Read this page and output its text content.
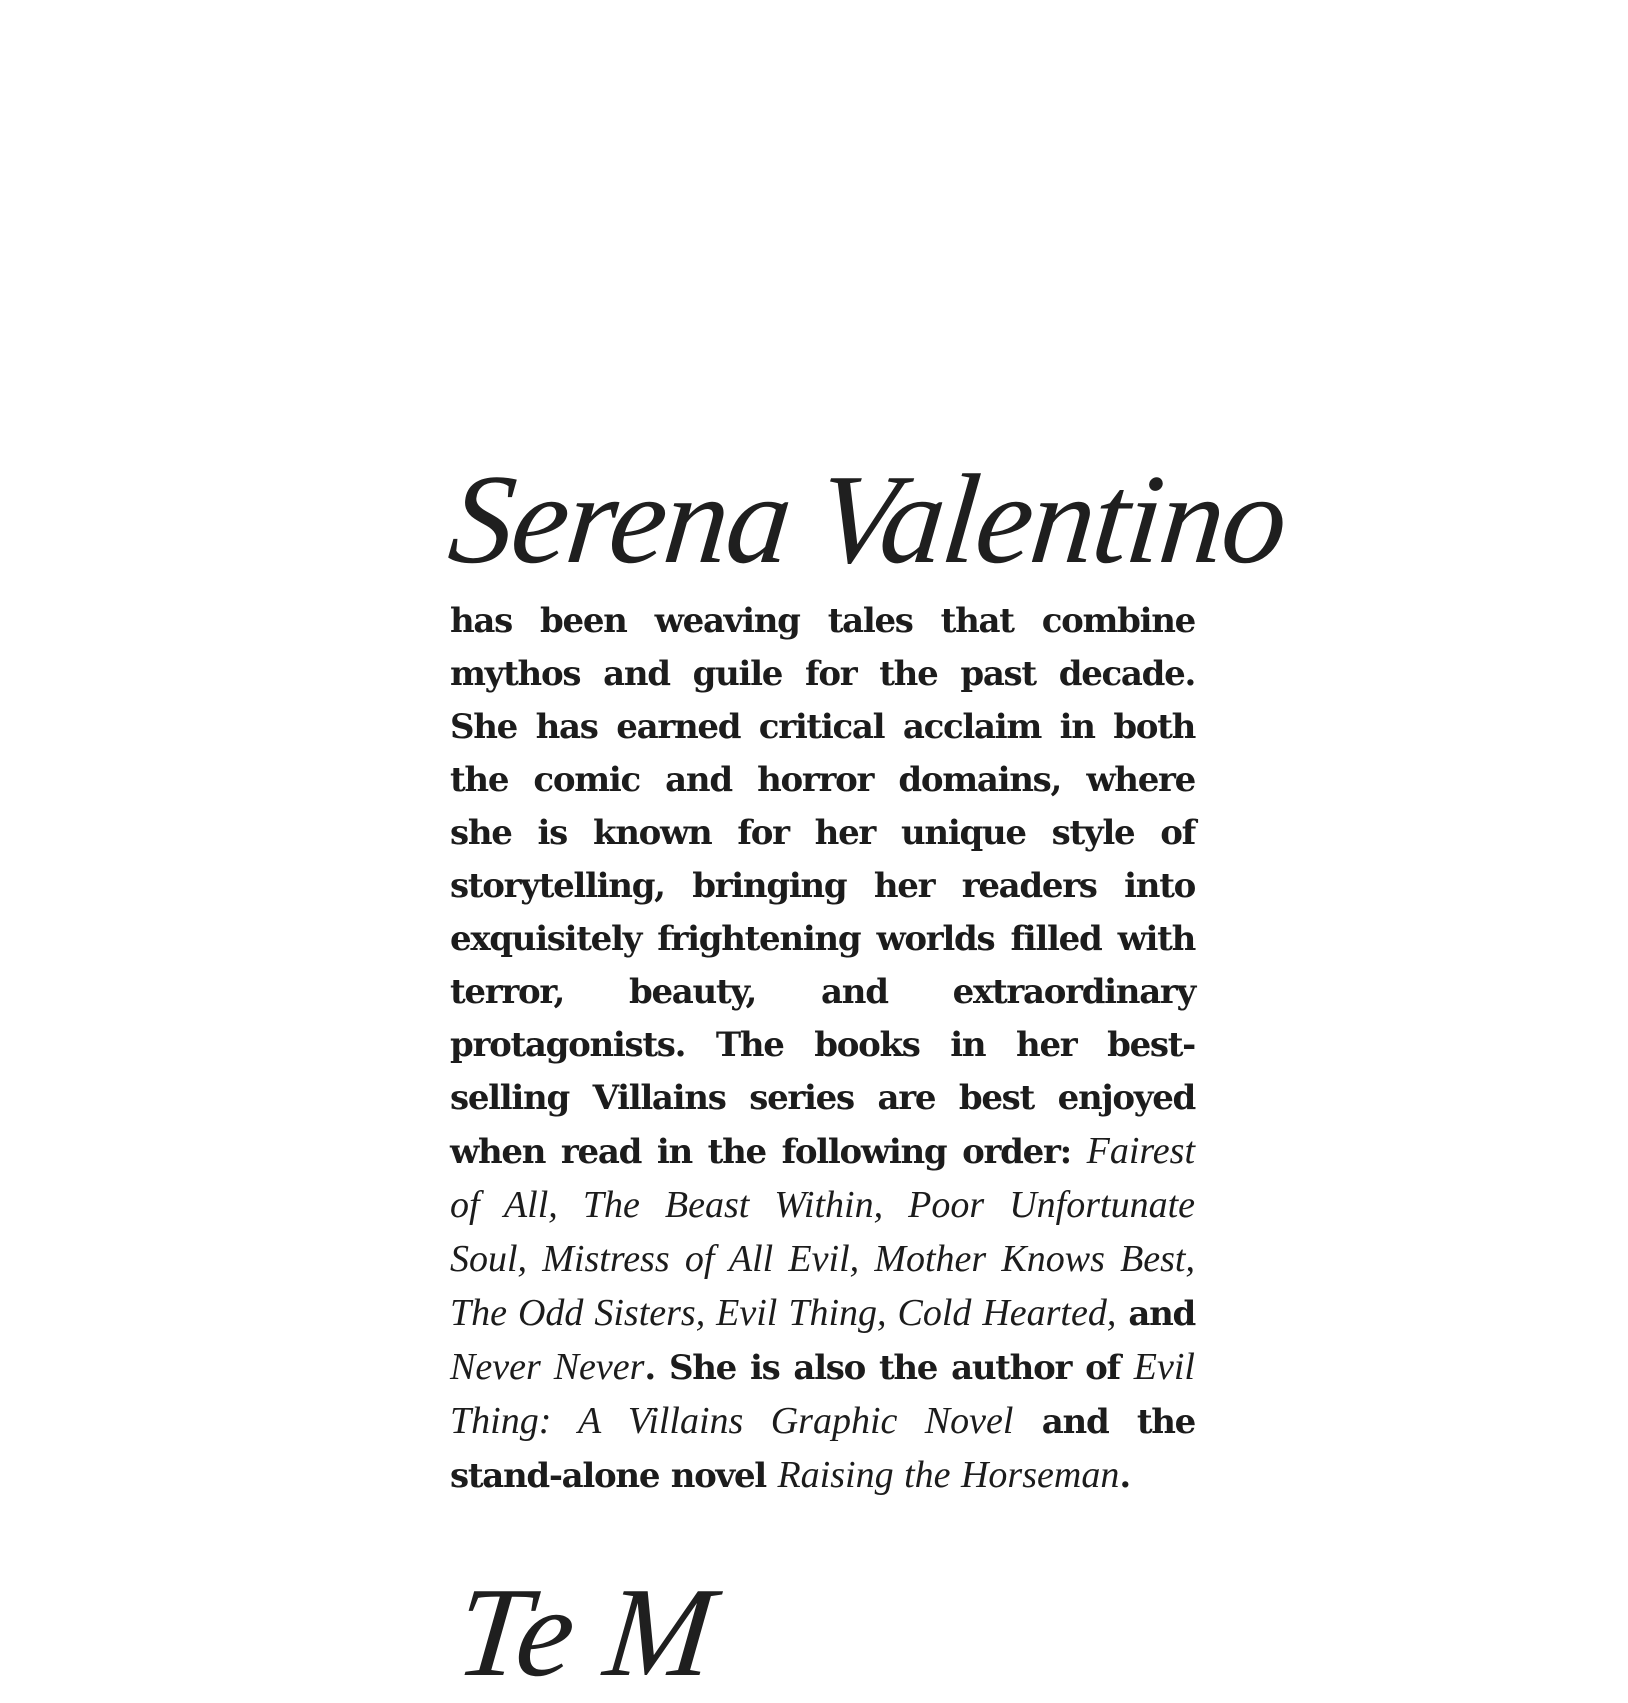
Serena Valentino

has been weaving tales that combine mythos and guile for the past decade. She has earned critical acclaim in both the comic and horror domains, where she is known for her unique style of storytelling, bringing her readers into exquisitely frightening worlds filled with terror, beauty, and extraordinary protagonists. The books in her best-selling Villains series are best enjoyed when read in the following order: Fairest of All, The Beast Within, Poor Unfortunate Soul, Mistress of All Evil, Mother Knows Best, The Odd Sisters, Evil Thing, Cold Hearted, and Never Never. She is also the author of Evil Thing: A Villains Graphic Novel and the stand-alone novel Raising the Horseman.

Te M
